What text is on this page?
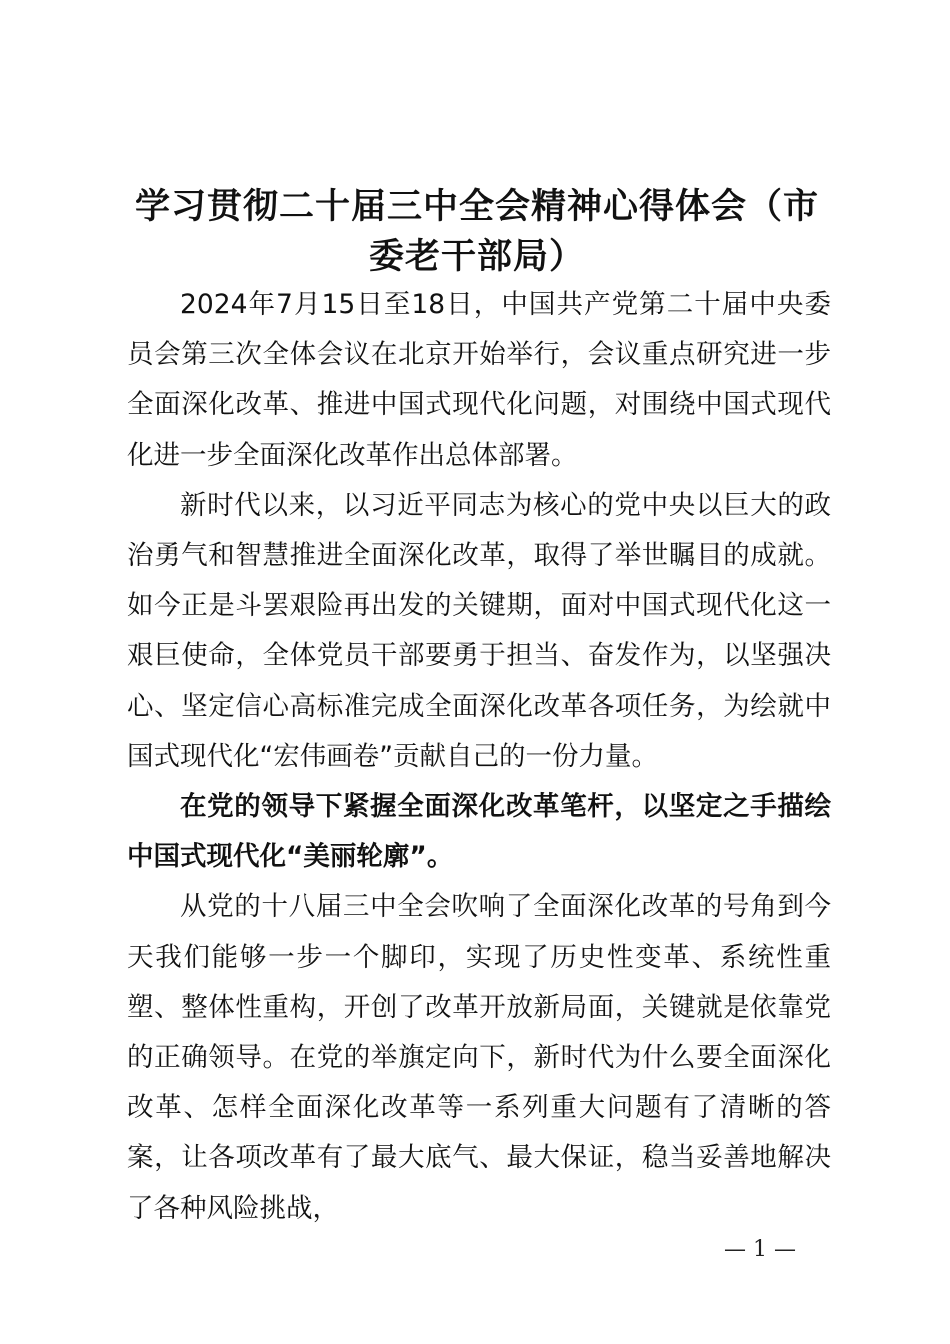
学习贯彻二十届三中全会精神心得体会（市委老干部局）

2024年7月15日至18日，中国共产党第二十届中央委员会第三次全体会议在北京开始举行，会议重点研究进一步全面深化改革、推进中国式现代化问题，对围绕中国式现代化进一步全面深化改革作出总体部署。

新时代以来，以习近平同志为核心的党中央以巨大的政治勇气和智慧推进全面深化改革，取得了举世瞩目的成就。如今正是斗罢艰险再出发的关键期，面对中国式现代化这一艰巨使命，全体党员干部要勇于担当、奋发作为，以坚强决心、坚定信心高标准完成全面深化改革各项任务，为绘就中国式现代化“宏伟画卷”贡献自己的一份力量。

在党的领导下紧握全面深化改革笔杆，以坚定之手描绘中国式现代化“美丽轮廓”。

从党的十八届三中全会吹响了全面深化改革的号角到今天我们能够一步一个脚印，实现了历史性变革、系统性重塑、整体性重构，开创了改革开放新局面，关键就是依靠党的正确领导。在党的举旗定向下，新时代为什么要全面深化改革、怎样全面深化改革等一系列重大问题有了清晰的答案，让各项改革有了最大底气、最大保证，稳当妥善地解决了各种风险挑战，

— 1 —
